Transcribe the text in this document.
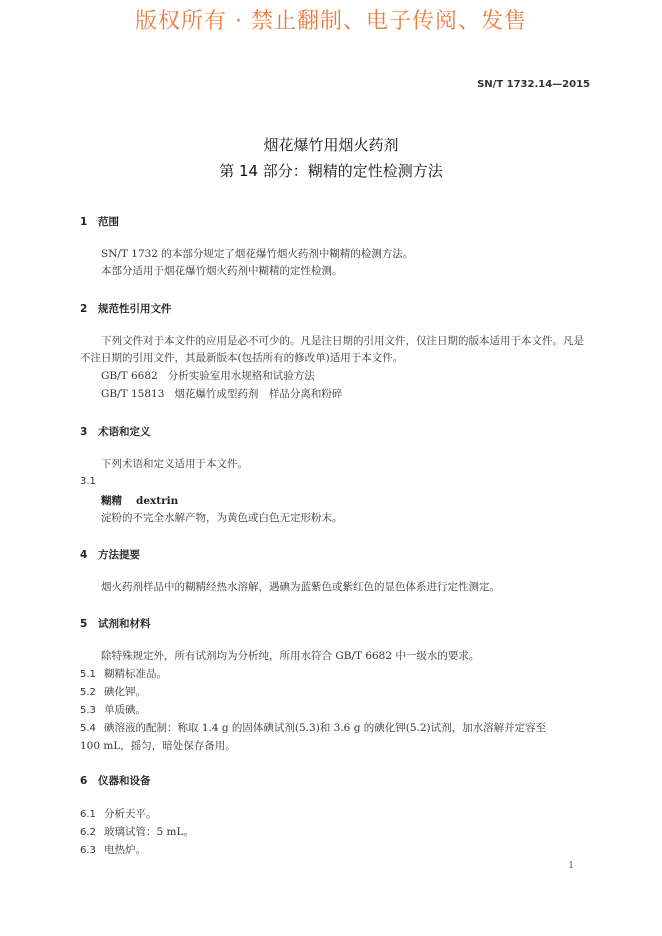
版权所有 · 禁止翻制、电子传阅、发售
SN/T 1732.14—2015
烟花爆竹用烟火药剂
第 14 部分：糊精的定性检测方法
1 范围
SN/T 1732 的本部分规定了烟花爆竹烟火药剂中糊精的检测方法。
本部分适用于烟花爆竹烟火药剂中糊精的定性检测。
2 规范性引用文件
下列文件对于本文件的应用是必不可少的。凡是注日期的引用文件，仅注日期的版本适用于本文件。凡是不注日期的引用文件，其最新版本(包括所有的修改单)适用于本文件。
GB/T 6682 分析实验室用水规格和试验方法
GB/T 15813 烟花爆竹成型药剂　样品分离和粉碎
3 术语和定义
下列术语和定义适用于本文件。
3.1
糊精 dextrin
淀粉的不完全水解产物，为黄色或白色无定形粉末。
4 方法提要
烟火药剂样品中的糊精经热水溶解，遇碘为蓝紫色或紫红色的显色体系进行定性测定。
5 试剂和材料
除特殊规定外，所有试剂均为分析纯，所用水符合 GB/T 6682 中一级水的要求。
5.1 糊精标准品。
5.2 碘化钾。
5.3 单质碘。
5.4 碘溶液的配制：称取 1.4 g 的固体碘试剂(5.3)和 3.6 g 的碘化钾(5.2)试剂，加水溶解并定容至
100 mL，摇匀，暗处保存备用。
6 仪器和设备
6.1 分析天平。
6.2 玻璃试管：5 mL。
6.3 电热炉。
1
